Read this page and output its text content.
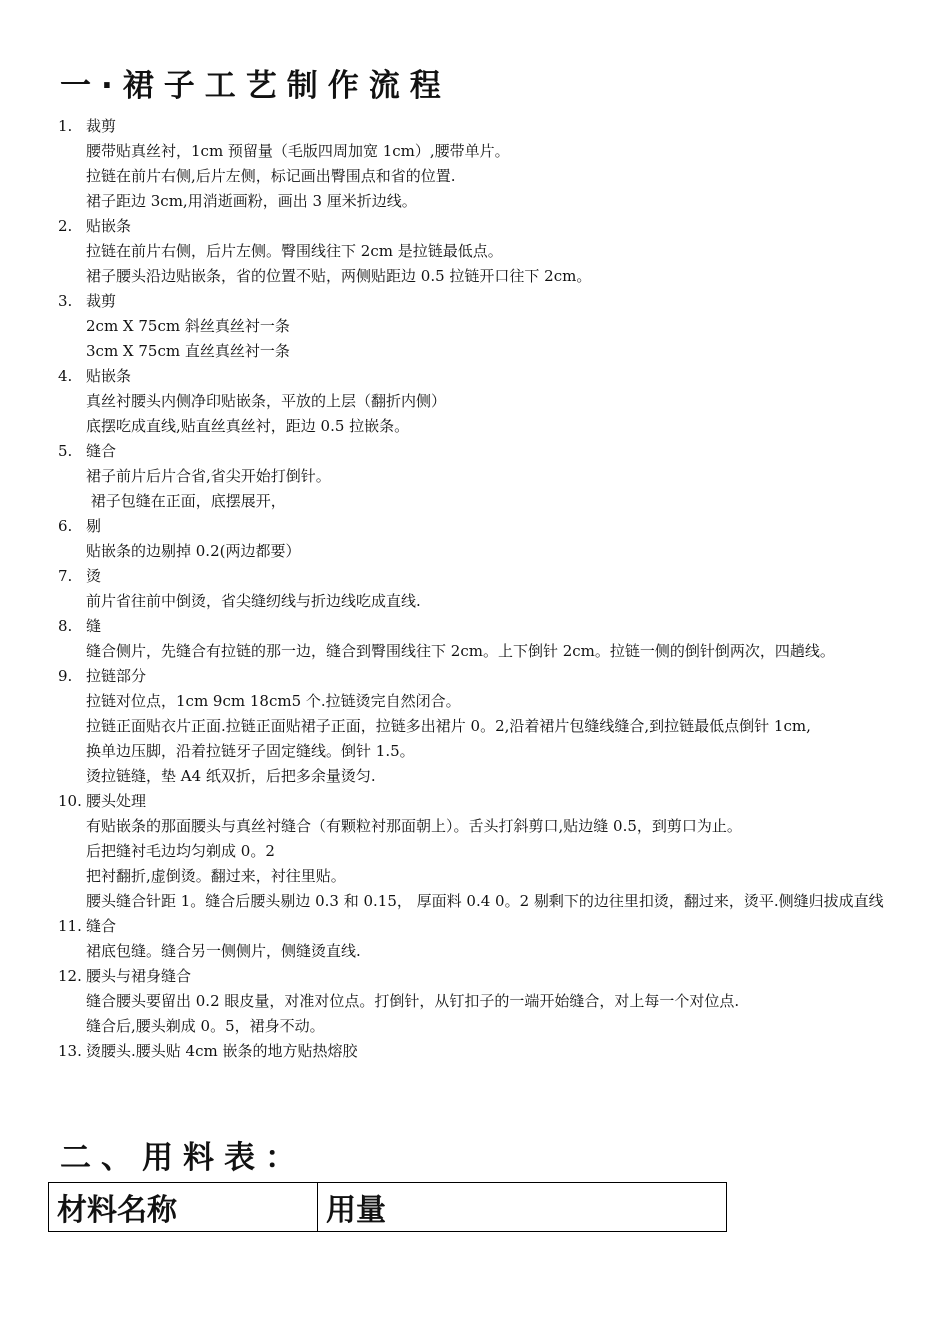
一·裙子工艺制作流程
1. 裁剪
腰带贴真丝衬，1cm 预留量（毛版四周加宽 1cm）,腰带单片。
拉链在前片右侧,后片左侧，标记画出臀围点和省的位置.
裙子距边 3cm,用消逝画粉，画出 3 厘米折边线。
2. 贴嵌条
拉链在前片右侧，后片左侧。臀围线往下 2cm 是拉链最低点。
裙子腰头沿边贴嵌条，省的位置不贴，两侧贴距边 0.5 拉链开口往下 2cm。
3. 裁剪
2cm X 75cm 斜丝真丝衬一条
3cm X 75cm 直丝真丝衬一条
4. 贴嵌条
真丝衬腰头内侧净印贴嵌条，平放的上层（翻折内侧）
底摆吃成直线,贴直丝真丝衬，距边 0.5 拉嵌条。
5. 缝合
裙子前片后片合省,省尖开始打倒针。
裙子包缝在正面，底摆展开，
6. 剔
贴嵌条的边剔掉 0.2(两边都要）
7. 烫
前片省往前中倒烫，省尖缝纫线与折边线吃成直线.
8. 缝
缝合侧片，先缝合有拉链的那一边，缝合到臀围线往下 2cm。上下倒针 2cm。拉链一侧的倒针倒两次，四趟线。
9. 拉链部分
拉链对位点，1cm 9cm 18cm5 个.拉链烫完自然闭合。
拉链正面贴衣片正面.拉链正面贴裙子正面，拉链多出裙片 0。2,沿着裙片包缝线缝合,到拉链最低点倒针 1cm,
换单边压脚，沿着拉链牙子固定缝线。倒针 1.5。
烫拉链缝，垫 A4 纸双折，后把多余量烫匀.
10. 腰头处理
有贴嵌条的那面腰头与真丝衬缝合（有颗粒衬那面朝上）。舌头打斜剪口,贴边缝 0.5，到剪口为止。
后把缝衬毛边均匀剃成 0。2
把衬翻折,虚倒烫。翻过来，衬往里贴。
腰头缝合针距 1。缝合后腰头剔边 0.3 和 0.15， 厚面料 0.4 0。2 剔剩下的边往里扣烫，翻过来，烫平.侧缝归拔成直线
11. 缝合
裙底包缝。缝合另一侧侧片，侧缝烫直线.
12. 腰头与裙身缝合
缝合腰头要留出 0.2 眼皮量，对准对位点。打倒针，从钉扣子的一端开始缝合，对上每一个对位点.
缝合后,腰头剃成 0。5，裙身不动。
13. 烫腰头.腰头贴 4cm 嵌条的地方贴热熔胶
二、用料表：
材料名称	用量
